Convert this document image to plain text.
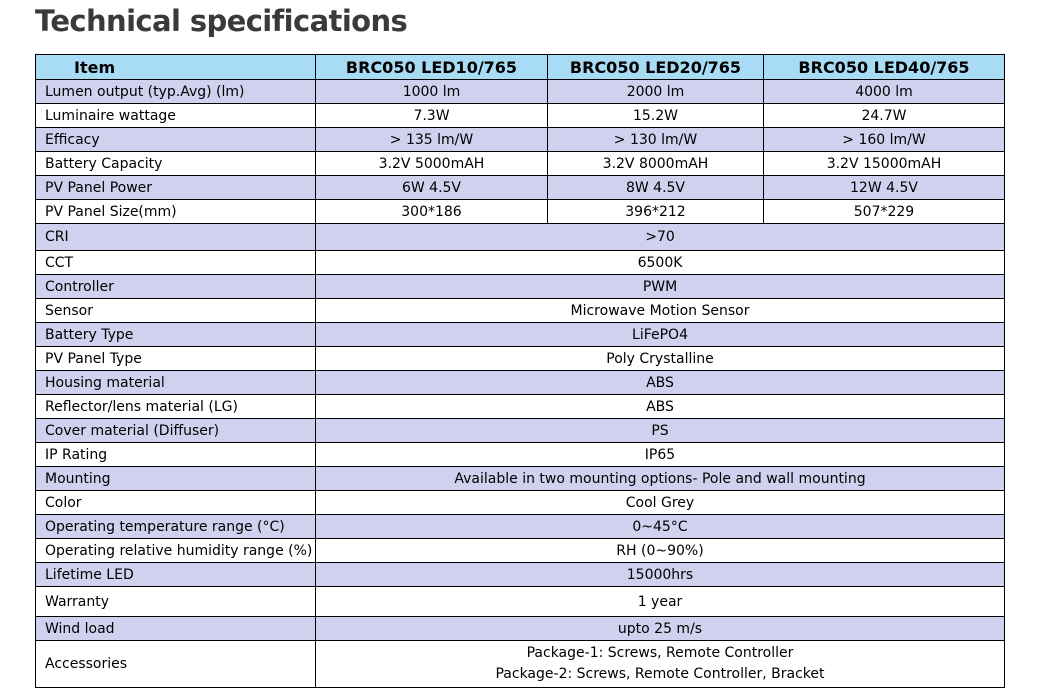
Technical specifications
Item	BRC050 LED10/765	BRC050 LED20/765	BRC050 LED40/765
Lumen output (typ.Avg) (lm)	1000 lm	2000 lm	4000 lm
Luminaire wattage	7.3W	15.2W	24.7W
Efficacy	> 135 lm/W	> 130 lm/W	> 160 lm/W
Battery Capacity	3.2V 5000mAH	3.2V 8000mAH	3.2V 15000mAH
PV Panel Power	6W 4.5V	8W 4.5V	12W 4.5V
PV Panel Size(mm)	300*186	396*212	507*229
CRI	>70		
CCT	6500K		
Controller	PWM		
Sensor	Microwave Motion Sensor		
Battery Type	LiFePO4		
PV Panel Type	Poly Crystalline		
Housing material	ABS		
Reflector/lens material (LG)	ABS		
Cover material (Diffuser)	PS		
IP Rating	IP65		
Mounting	Available in two mounting options- Pole and wall mounting		
Color	Cool Grey		
Operating temperature range (°C)	0~45°C		
Operating relative humidity range (%)	RH (0~90%)		
Lifetime LED	15000hrs		
Warranty	1 year		
Wind load	upto 25 m/s		
Accessories	Package-1: Screws, Remote Controller
Package-2: Screws, Remote Controller, Bracket		
